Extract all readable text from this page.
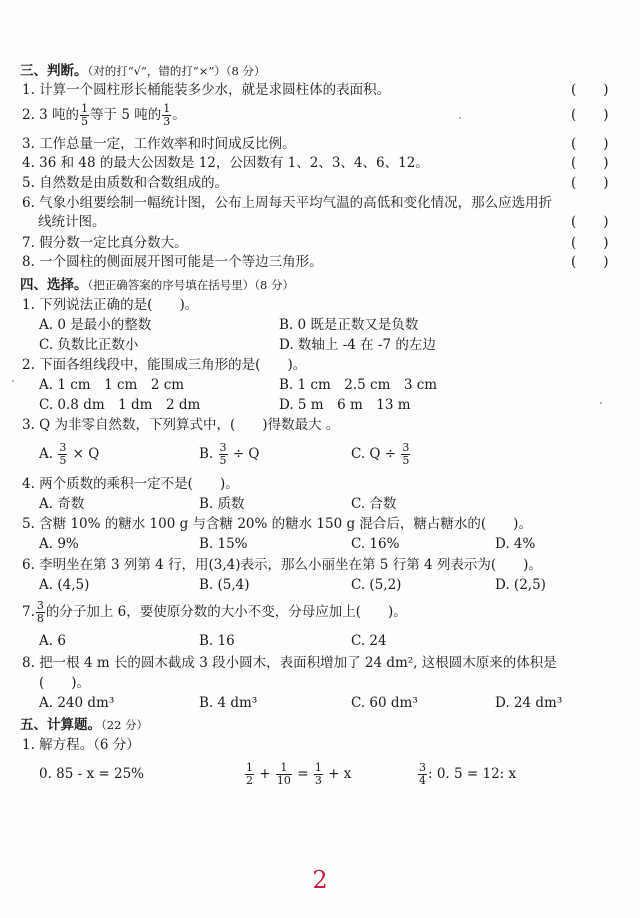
三、判断。（对的打“√”，错的打“×”）（8 分）
1. 计算一个圆柱形长桶能装多少水，就是求圆柱体的表面积。
(  )
2. 3 吨的 $\frac{1}{5}$ 等于 5 吨的 $\frac{1}{3}$ 。
(  )
3. 工作总量一定，工作效率和时间成反比例。
(  )
4. 36 和 48 的最大公因数是 12，公因数有 1、2、3、4、6、12。
(  )
5. 自然数是由质数和合数组成的。
(  )
6. 气象小组要绘制一幅统计图，公布上周每天平均气温的高低和变化情况，那么应选用折
线统计图。
(  )
7. 假分数一定比真分数大。
(  )
8. 一个圆柱的侧面展开图可能是一个等边三角形。
(  )
四、选择。（把正确答案的序号填在括号里）（8 分）
1. 下列说法正确的是(　　)。
A. 0 是最小的整数	B. 0 既是正数又是负数
C. 负数比正数小	D. 数轴上 -4 在 -7 的左边
2. 下面各组线段中，能围成三角形的是(　　)。
A. 1 cm　1 cm　2 cm	B. 1 cm　2.5 cm　3 cm
C. 0.8 dm　1 dm　2 dm	D. 5 m　6 m　13 m
3. Q 为非零自然数，下列算式中，(　　)得数最大 。
A. $\frac{3}{5} \times Q$	B. $\frac{3}{5} \div Q$	C. $Q \div \frac{3}{5}$
4. 两个质数的乘积一定不是(　　)。
A. 奇数	B. 质数	C. 合数
5. 含糖 10% 的糖水 100 g 与含糖 20% 的糖水 150 g 混合后，糖占糖水的(　　)。
A. 9%	B. 15%	C. 16%	D. 4%
6. 李明坐在第 3 列第 4 行，用(3,4)表示，那么小丽坐在第 5 行第 4 列表示为(　　)。
A. (4,5)	B. (5,4)	C. (5,2)	D. (2,5)
7. $\frac{3}{8}$ 的分子加上 6，要使原分数的大小不变，分母应加上(　　)。
A. 6	B. 16	C. 24
8. 把一根 4 m 长的圆木截成 3 段小圆木，表面积增加了 24 dm², 这根圆木原来的体积是
(　　)。
A. 240 dm³	B. 4 dm³	C. 60 dm³	D. 24 dm³
五、计算题。（22 分）
1. 解方程。（6 分）
0. 85 - x = 25%	$\frac{1}{2} + \frac{1}{10} = \frac{1}{3} + x$	$\frac{3}{4}$ : 0. 5 = 12: x
2
